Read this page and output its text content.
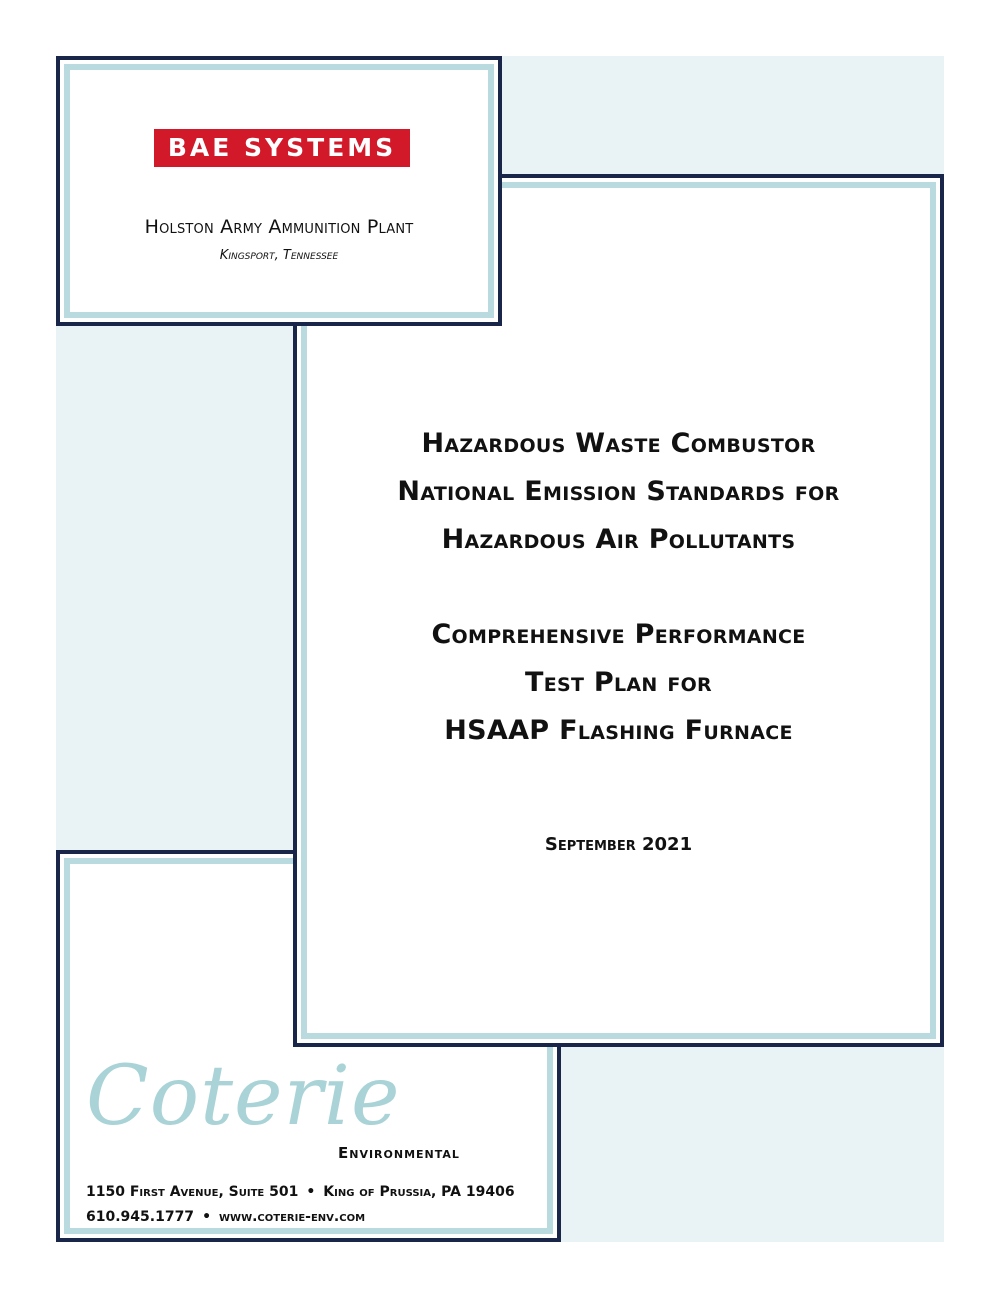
BAE SYSTEMS
Holston Army Ammunition Plant
Kingsport, Tennessee
Hazardous Waste Combustor
National Emission Standards for
Hazardous Air Pollutants
Comprehensive Performance
Test Plan for
HSAAP Flashing Furnace
September 2021
Coterie
Environmental
1150 First Avenue, Suite 501 • King of Prussia, PA 19406
610.945.1777 • www.coterie-env.com
